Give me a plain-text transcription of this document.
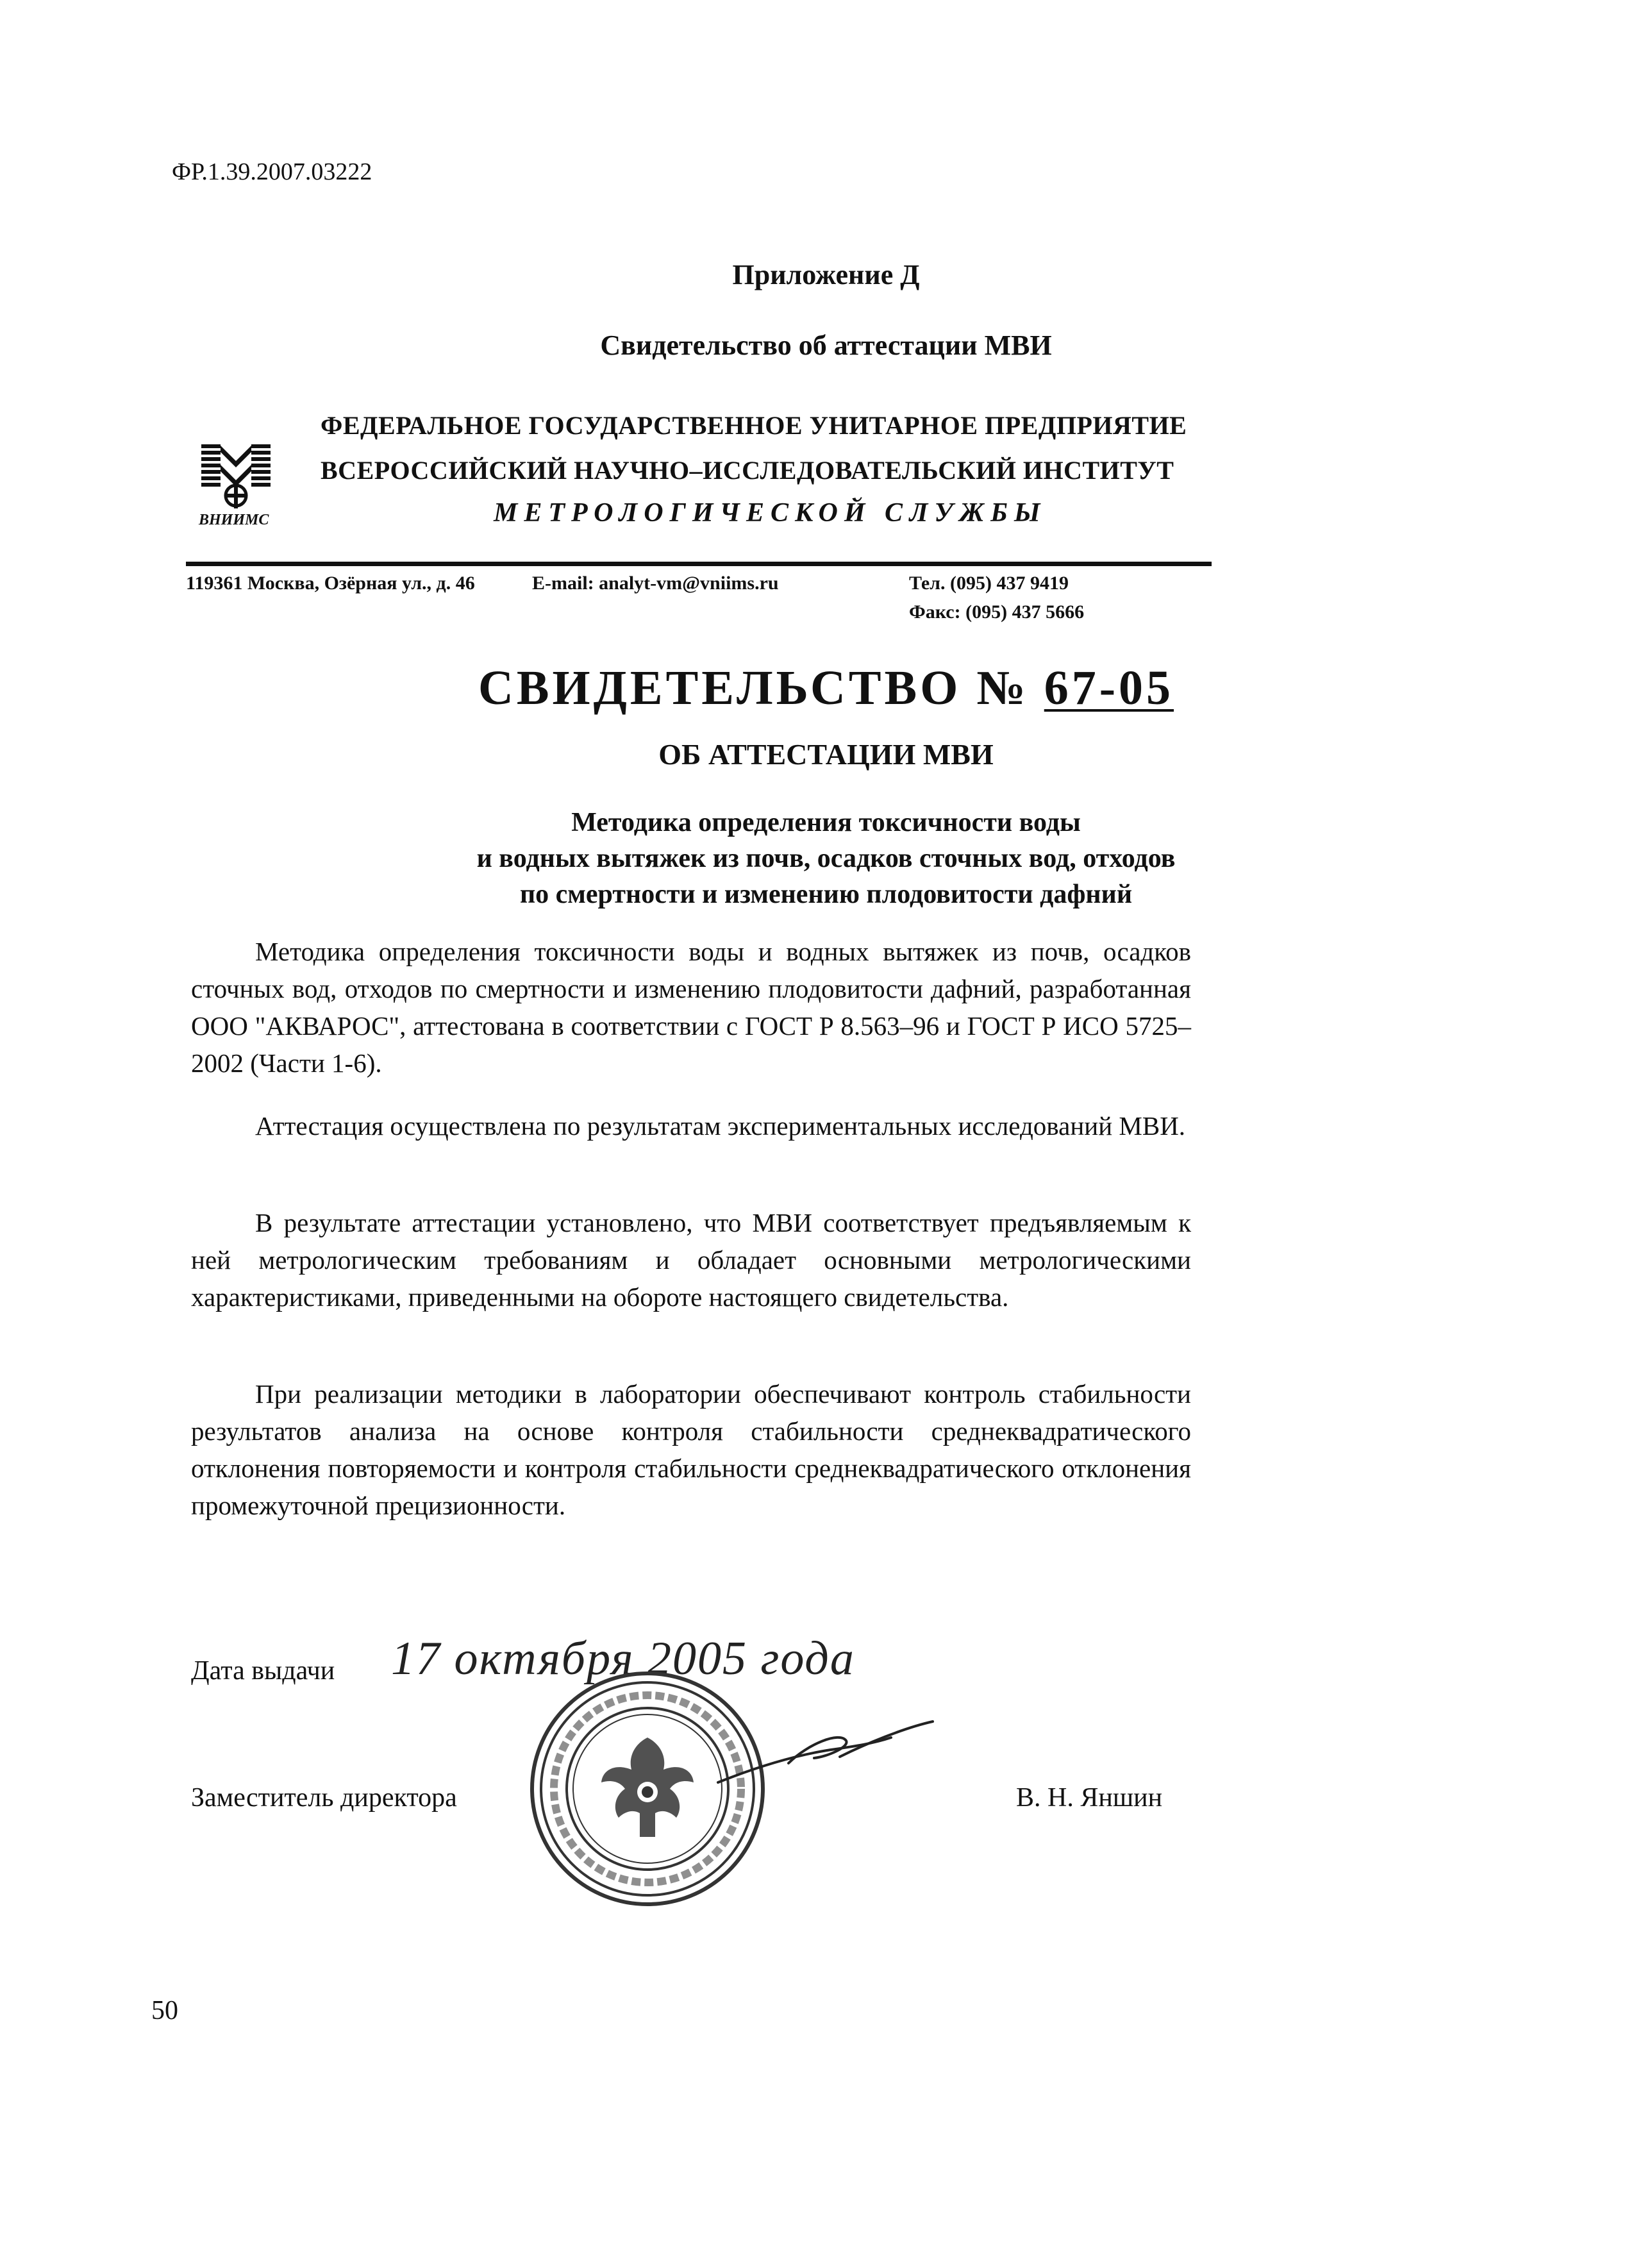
ФР.1.39.2007.03222
Приложение Д
Свидетельство об аттестации МВИ
ВНИИМС
ФЕДЕРАЛЬНОЕ ГОСУДАРСТВЕННОЕ УНИТАРНОЕ ПРЕДПРИЯТИЕ
ВСЕРОССИЙСКИЙ НАУЧНО–ИССЛЕДОВАТЕЛЬСКИЙ ИНСТИТУТ
МЕТРОЛОГИЧЕСКОЙ СЛУЖБЫ
119361 Москва, Озёрная ул., д. 46	E-mail: analyt-vm@vniims.ru	Тел. (095) 437 9419
Факс: (095) 437 5666
СВИДЕТЕЛЬСТВО № 67-05
ОБ АТТЕСТАЦИИ МВИ
Методика определения токсичности воды
и водных вытяжек из почв, осадков сточных вод, отходов
по смертности и изменению плодовитости дафний
Методика определения токсичности воды и водных вытяжек из почв, осадков сточных вод, отходов по смертности и изменению плодовитости дафний, разработанная ООО "АКВАРОС", аттестована в соответствии с ГОСТ Р 8.563–96 и ГОСТ Р ИСО 5725–2002 (Части 1-6).
Аттестация осуществлена по результатам экспериментальных исследований МВИ.
В результате аттестации установлено, что МВИ соответствует предъявляемым к ней метрологическим требованиям и обладает основными метрологическими характеристиками, приведенными на обороте настоящего свидетельства.
При реализации методики в лаборатории обеспечивают контроль стабильности результатов анализа на основе контроля стабильности среднеквадратического отклонения повторяемости и контроля стабильности среднеквадратического отклонения промежуточной прецизионности.
Дата выдачи 17 октября 2005 года
Заместитель директора	В. Н. Яншин
50
